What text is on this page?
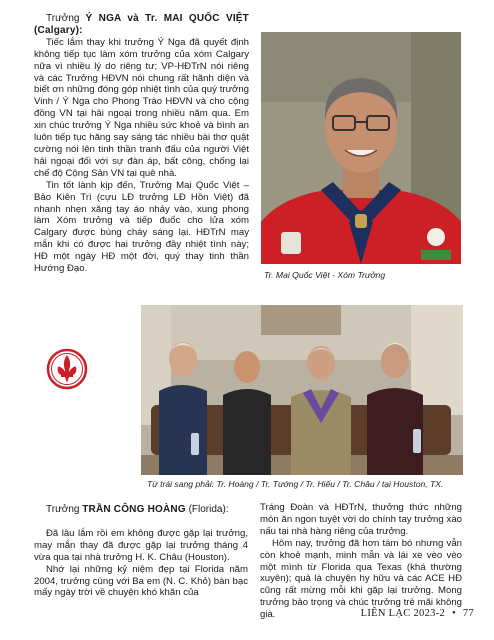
Trưởng Ý NGA và Tr. MAI QUỐC VIỆT (Calgary):

Tiếc lắm thay khi trưởng Ý Nga đã quyết định không tiếp tục làm xóm trưởng của xóm Calgary nữa vì nhiều lý do riêng tư; VP-HĐTrN nói riêng và các Trưởng HĐVN nói chung rất hãnh diện và biết ơn những đóng góp nhiệt tình của quý trưởng Vinh / Ý Nga cho Phong Trào HĐVN và cho cộng đồng VN tại hải ngoại trong nhiều năm qua. Em xin chúc trưởng Ý Nga nhiều sức khoẻ và bình an luôn tiếp tục hăng say sáng tác nhiều bài thơ quật cường nói lên tinh thần tranh đấu của người Việt hải ngoại đối với sự đàn áp, bất công, chống lại chế độ Cộng Sản VN tại quê nhà.

Tin tốt lành kịp đến, Trưởng Mai Quốc Việt – Bảo Kiên Trì (cựu LĐ trưởng LĐ Hồn Việt) đã nhanh nhẹn xăng tay áo nhảy vào, xung phong làm Xóm trưởng và tiếp đuốc cho lửa xóm Calgary được bùng cháy sáng lại. HĐTrN may mắn khi có được hai trưởng đầy nhiệt tình này; HĐ một ngày HĐ một đời, quý thay tinh thần Hướng Đạo.

Tr. Mai Quốc Việt - Xóm Trưởng
Từ trái sang phải: Tr. Hoàng / Tr. Tướng / Tr. Hiếu / Tr. Châu / tại Houston, TX.

Trưởng TRẦN CÔNG HOÀNG (Florida):

Đã lâu lắm rồi em không được gặp lại trưởng, may mắn thay đã được gặp lại trưởng tháng 4 vừa qua tại nhà trưởng H. K. Châu (Houston).

Nhớ lại những kỷ niệm đẹp tại Florida năm 2004, trưởng cùng với Ba em (N. C. Khỏ) bàn bạc mấy ngày trời về chuyện khó khăn của

Tráng Đoàn và HĐTrN, thưởng thức những món ăn ngon tuyệt vời do chính tay trưởng xào nấu tại nhà hàng riêng của trưởng.

Hôm nay, trưởng đã hơn tám bó nhưng vẫn còn khoẻ mạnh, minh mẫn và lái xe vèo vèo một mình từ Florida qua Texas (khá thường xuyên); quả là chuyện hy hữu và các ACE HĐ cũng rất mừng mỗi khi gặp lại trưởng. Mong trưởng bảo trọng và chúc trưởng trẻ mãi không già.	LIÊN LẠC 2023-2 • 77
